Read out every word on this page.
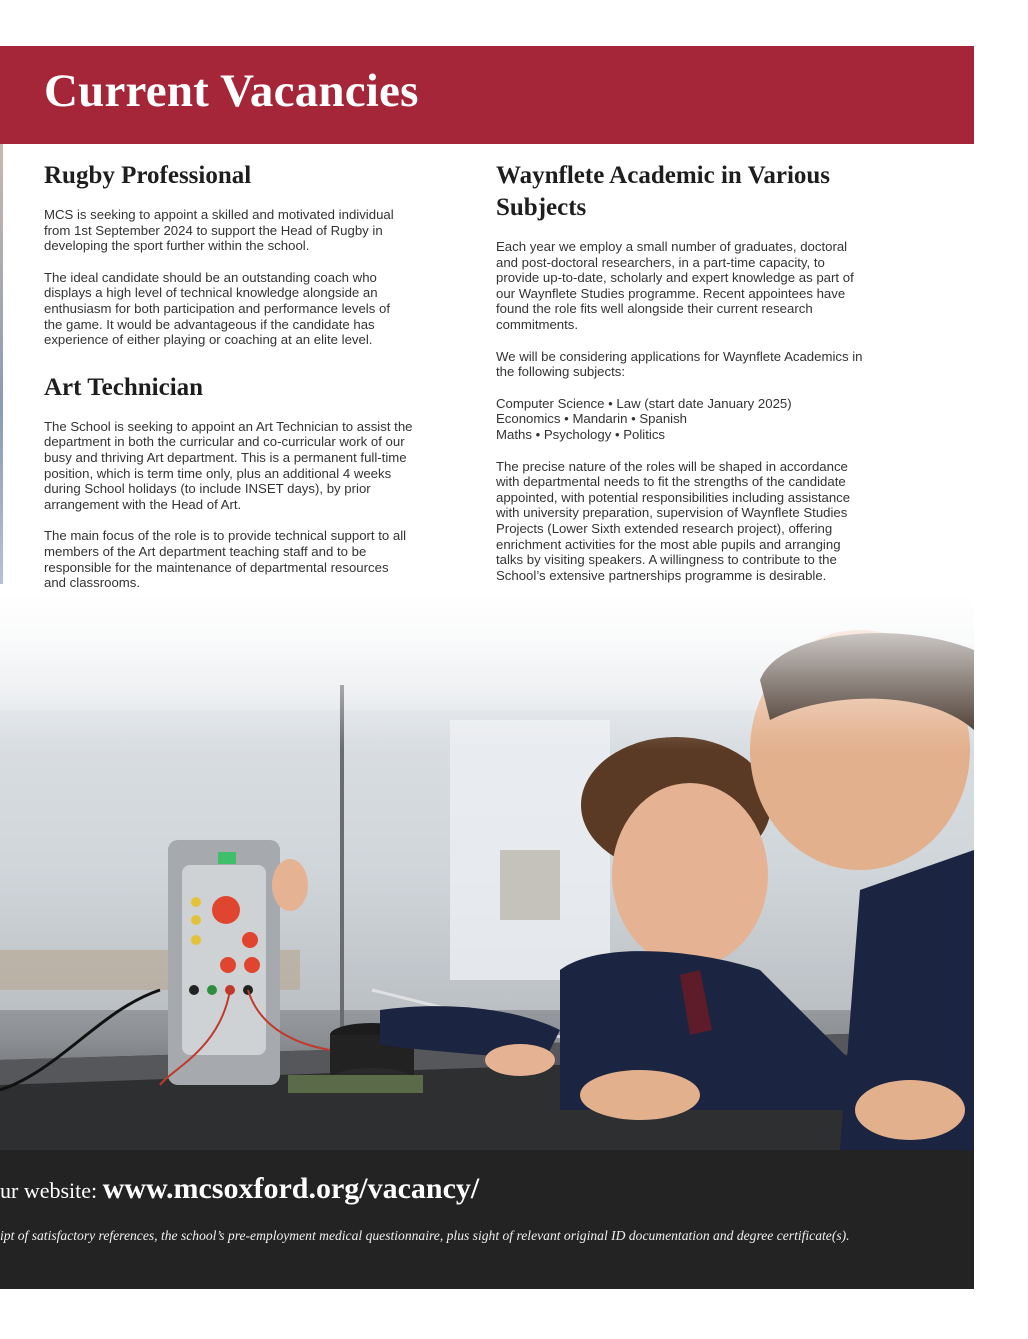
Current Vacancies
Rugby Professional

MCS is seeking to appoint a skilled and motivated individual
from 1st September 2024 to support the Head of Rugby in
developing the sport further within the school.

The ideal candidate should be an outstanding coach who
displays a high level of technical knowledge alongside an
enthusiasm for both participation and performance levels of
the game. It would be advantageous if the candidate has
experience of either playing or coaching at an elite level.

Art Technician

The School is seeking to appoint an Art Technician to assist the
department in both the curricular and co-curricular work of our
busy and thriving Art department. This is a permanent full-time
position, which is term time only, plus an additional 4 weeks
during School holidays (to include INSET days), by prior
arrangement with the Head of Art.

The main focus of the role is to provide technical support to all
members of the Art department teaching staff and to be
responsible for the maintenance of departmental resources
and classrooms.

Waynflete Academic in Various
Subjects

Each year we employ a small number of graduates, doctoral
and post-doctoral researchers, in a part-time capacity, to
provide up-to-date, scholarly and expert knowledge as part of
our Waynflete Studies programme. Recent appointees have
found the role fits well alongside their current research
commitments.

We will be considering applications for Waynflete Academics in
the following subjects:

Computer Science • Law (start date January 2025)
Economics • Mandarin • Spanish
Maths • Psychology • Politics

The precise nature of the roles will be shaped in accordance
with departmental needs to fit the strengths of the candidate
appointed, with potential responsibilities including assistance
with university preparation, supervision of Waynflete Studies
Projects (Lower Sixth extended research project), offering
enrichment activities for the most able pupils and arranging
talks by visiting speakers. A willingness to contribute to the
School’s extensive partnerships programme is desirable.

ur website: www.mcsoxford.org/vacancy/
ipt of satisfactory references, the school’s pre-employment medical questionnaire, plus sight of relevant original ID documentation and degree certificate(s).
